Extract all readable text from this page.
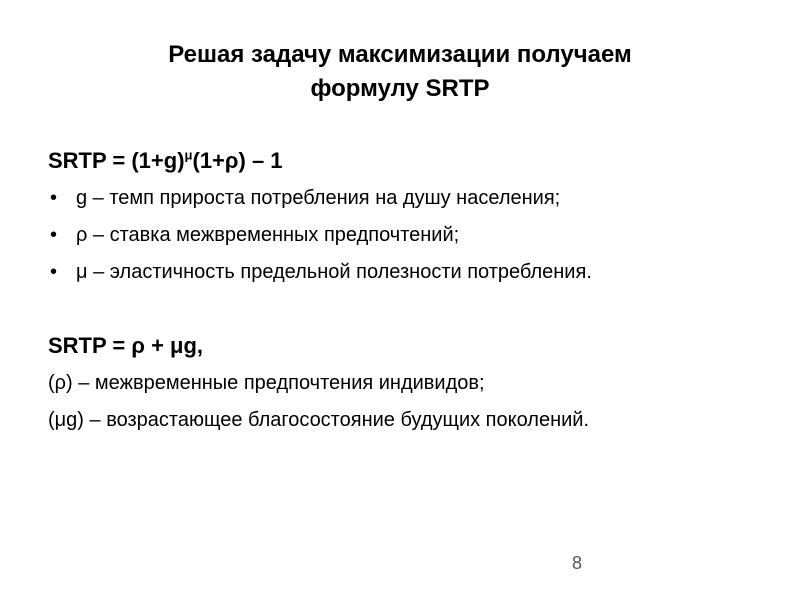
Решая задачу максимизации получаем
формулу SRTP
SRTP = $(1+g)^\mu(1+\rho) - 1$
• g – темп прироста потребления на душу населения;
• ρ – ставка межвременных предпочтений;
• μ – эластичность предельной полезности потребления.
SRTP = ρ + μg,

(ρ) – межвременные предпочтения индивидов;

(μg) – возрастающее благосостояние будущих поколений.

8
